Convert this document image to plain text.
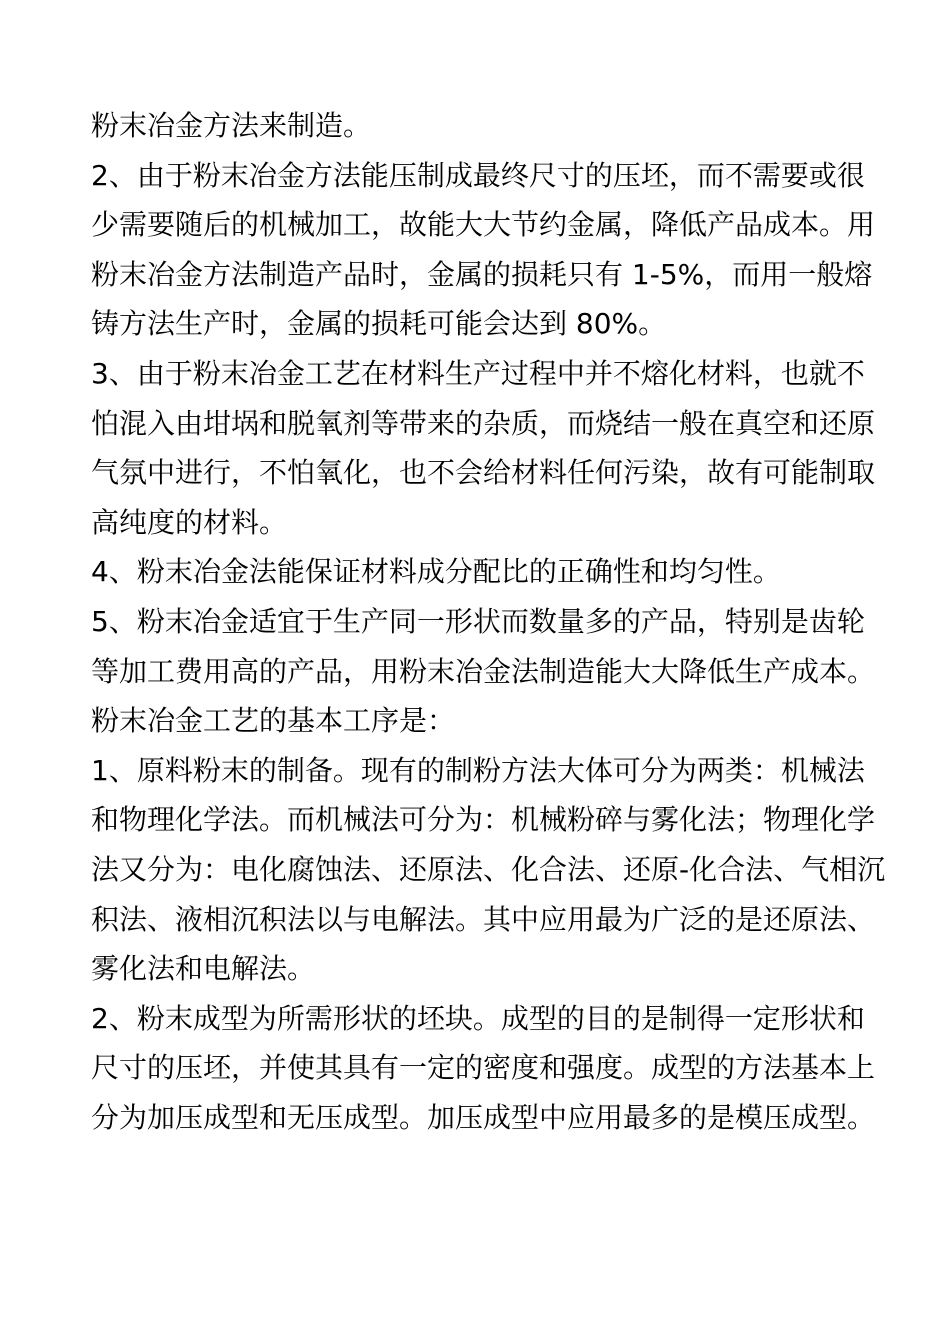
粉末冶金方法来制造。

2、由于粉末冶金方法能压制成最终尺寸的压坯，而不需要或很少需要随后的机械加工，故能大大节约金属，降低产品成本。用粉末冶金方法制造产品时，金属的损耗只有 1-5%，而用一般熔铸方法生产时，金属的损耗可能会达到 80%。

3、由于粉末冶金工艺在材料生产过程中并不熔化材料，也就不怕混入由坩埚和脱氧剂等带来的杂质，而烧结一般在真空和还原气氛中进行，不怕氧化，也不会给材料任何污染，故有可能制取高纯度的材料。

4、粉末冶金法能保证材料成分配比的正确性和均匀性。

5、粉末冶金适宜于生产同一形状而数量多的产品，特别是齿轮等加工费用高的产品，用粉末冶金法制造能大大降低生产成本。

粉末冶金工艺的基本工序是：

1、原料粉末的制备。现有的制粉方法大体可分为两类：机械法和物理化学法。而机械法可分为：机械粉碎与雾化法；物理化学法又分为：电化腐蚀法、还原法、化合法、还原-化合法、气相沉积法、液相沉积法以与电解法。其中应用最为广泛的是还原法、雾化法和电解法。

2、粉末成型为所需形状的坯块。成型的目的是制得一定形状和尺寸的压坯，并使其具有一定的密度和强度。成型的方法基本上分为加压成型和无压成型。加压成型中应用最多的是模压成型。
